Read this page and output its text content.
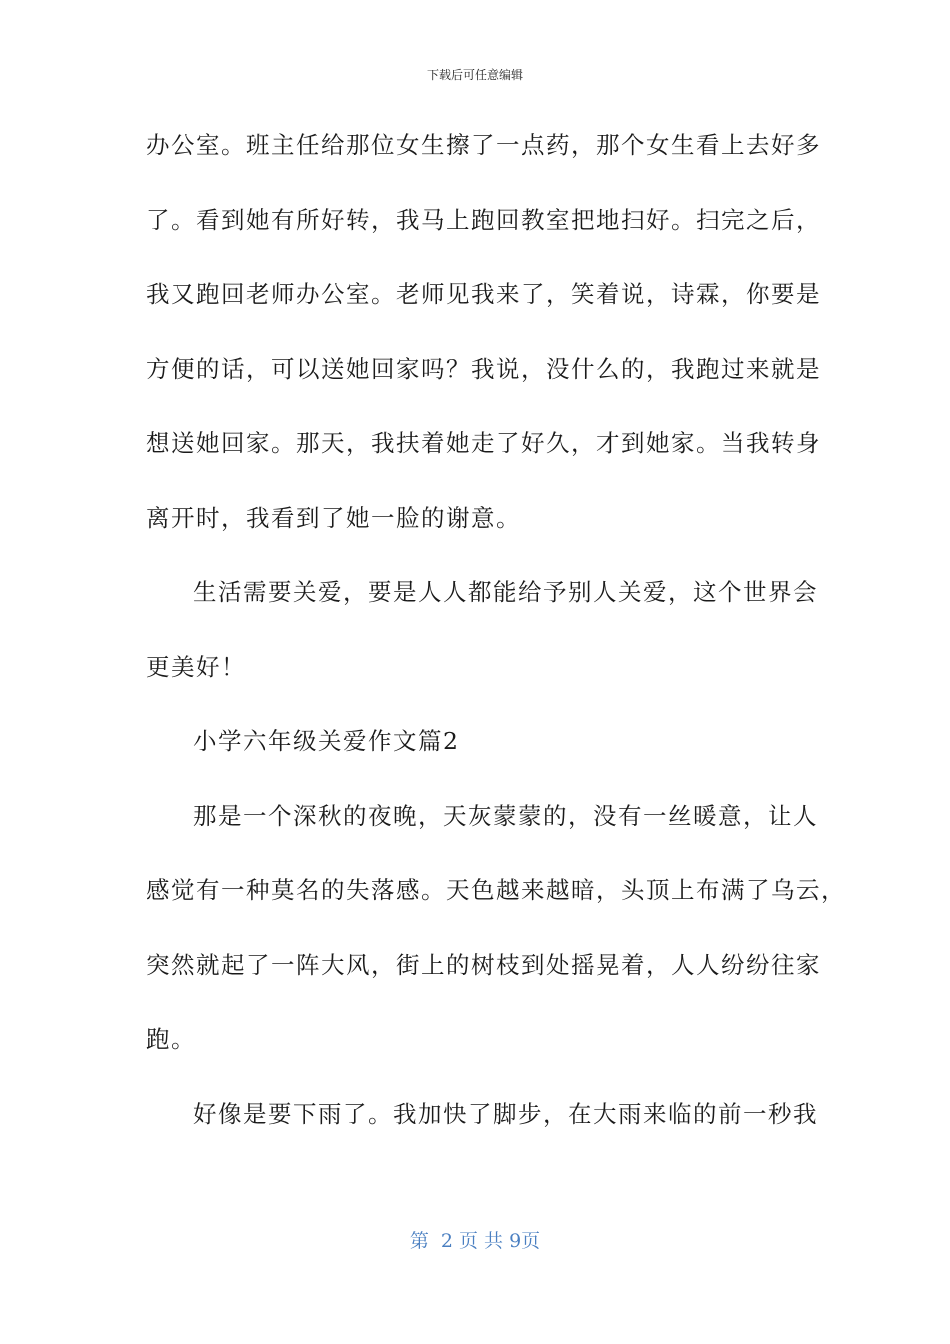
下载后可任意编辑
办公室。班主任给那位女生擦了一点药，那个女生看上去好多
了。看到她有所好转，我马上跑回教室把地扫好。扫完之后，
我又跑回老师办公室。老师见我来了，笑着说，诗霖，你要是
方便的话，可以送她回家吗？我说，没什么的，我跑过来就是
想送她回家。那天，我扶着她走了好久，才到她家。当我转身
离开时，我看到了她一脸的谢意。
生活需要关爱，要是人人都能给予别人关爱，这个世界会
更美好！
小学六年级关爱作文篇2
那是一个深秋的夜晚，天灰蒙蒙的，没有一丝暖意，让人
感觉有一种莫名的失落感。天色越来越暗，头顶上布满了乌云，
突然就起了一阵大风，街上的树枝到处摇晃着，人人纷纷往家
跑。
好像是要下雨了。我加快了脚步，在大雨来临的前一秒我
第  2 页 共 9页
